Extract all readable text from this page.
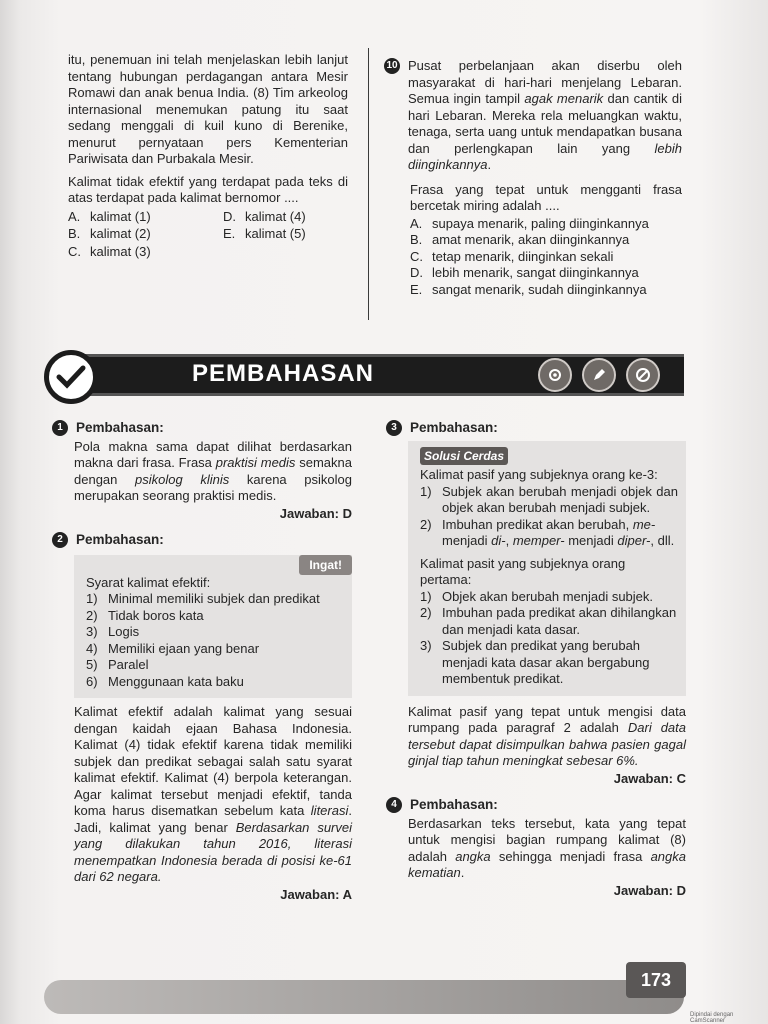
itu, penemuan ini telah menjelaskan lebih lanjut tentang hubungan perdagangan antara Mesir Romawi dan anak benua India. (8) Tim arkeolog internasional menemukan patung itu saat sedang menggali di kuil kuno di Berenike, menurut pernyataan pers Kementerian Pariwisata dan Purbakala Mesir.

Kalimat tidak efektif yang terdapat pada teks di atas terdapat pada kalimat bernomor ....

A. kalimat (1)	D. kalimat (4)
B. kalimat (2)	E. kalimat (5)
C. kalimat (3)
10 Pusat perbelanjaan akan diserbu oleh masyarakat di hari-hari menjelang Lebaran. Semua ingin tampil agak menarik dan cantik di hari Lebaran. Mereka rela meluangkan waktu, tenaga, serta uang untuk mendapatkan busana dan perlengkapan lain yang lebih diinginkannya.

Frasa yang tepat untuk mengganti frasa bercetak miring adalah ....

A. supaya menarik, paling diinginkannya
B. amat menarik, akan diinginkannya
C. tetap menarik, diinginkan sekali
D. lebih menarik, sangat diinginkannya
E. sangat menarik, sudah diinginkannya
PEMBAHASAN
1 Pembahasan:

Pola makna sama dapat dilihat berdasarkan makna dari frasa. Frasa praktisi medis semakna dengan psikolog klinis karena psikolog merupakan seorang praktisi medis.

Jawaban: D
2 Pembahasan:
Ingat!
Syarat kalimat efektif:
1) Minimal memiliki subjek dan predikat
2) Tidak boros kata
3) Logis
4) Memiliki ejaan yang benar
5) Paralel
6) Menggunaan kata baku

Kalimat efektif adalah kalimat yang sesuai dengan kaidah ejaan Bahasa Indonesia. Kalimat (4) tidak efektif karena tidak memiliki subjek dan predikat sebagai salah satu syarat kalimat efektif. Kalimat (4) berpola keterangan. Agar kalimat tersebut menjadi efektif, tanda koma harus disematkan sebelum kata literasi. Jadi, kalimat yang benar Berdasarkan survei yang dilakukan tahun 2016, literasi menempatkan Indonesia berada di posisi ke-61 dari 62 negara.

Jawaban: A
3 Pembahasan:
Solusi Cerdas
Kalimat pasif yang subjeknya orang ke-3:
1) Subjek akan berubah menjadi objek dan objek akan berubah menjadi subjek.
2) Imbuhan predikat akan berubah, me- menjadi di-, memper- menjadi diper-, dll.
Kalimat pasit yang subjeknya orang pertama:
1) Objek akan berubah menjadi subjek.
2) Imbuhan pada predikat akan dihilangkan dan menjadi kata dasar.
3) Subjek dan predikat yang berubah menjadi kata dasar akan bergabung membentuk predikat.

Kalimat pasif yang tepat untuk mengisi data rumpang pada paragraf 2 adalah Dari data tersebut dapat disimpulkan bahwa pasien gagal ginjal tiap tahun meningkat sebesar 6%.

Jawaban: C
4 Pembahasan:

Berdasarkan teks tersebut, kata yang tepat untuk mengisi bagian rumpang kalimat (8) adalah angka sehingga menjadi frasa angka kematian.

Jawaban: D
173
Dipindai dengan CamScanner
